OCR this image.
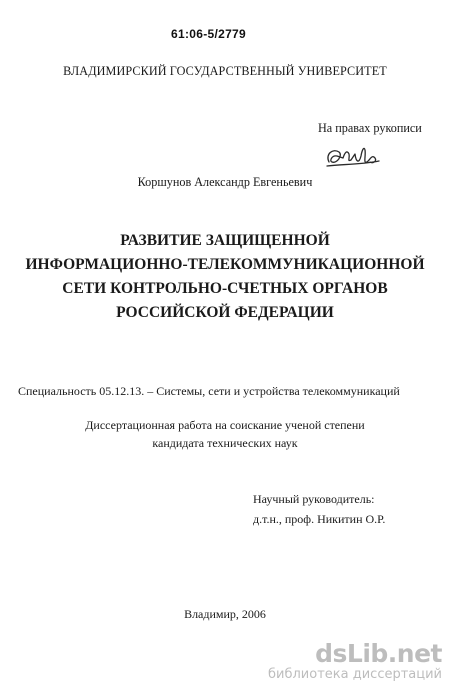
61:06-5/2779
ВЛАДИМИРСКИЙ ГОСУДАРСТВЕННЫЙ УНИВЕРСИТЕТ
На правах рукописи
Коршунов Александр Евгеньевич
РАЗВИТИЕ ЗАЩИЩЕННОЙ
ИНФОРМАЦИОННО-ТЕЛЕКОММУНИКАЦИОННОЙ
СЕТИ КОНТРОЛЬНО-СЧЕТНЫХ ОРГАНОВ
РОССИЙСКОЙ ФЕДЕРАЦИИ
Специальность 05.12.13. – Системы, сети и устройства телекоммуникаций
Диссертационная работа на соискание ученой степени
кандидата технических наук
Научный руководитель:
д.т.н., проф. Никитин О.Р.
Владимир, 2006
dsLib.net
библиотека диссертаций
